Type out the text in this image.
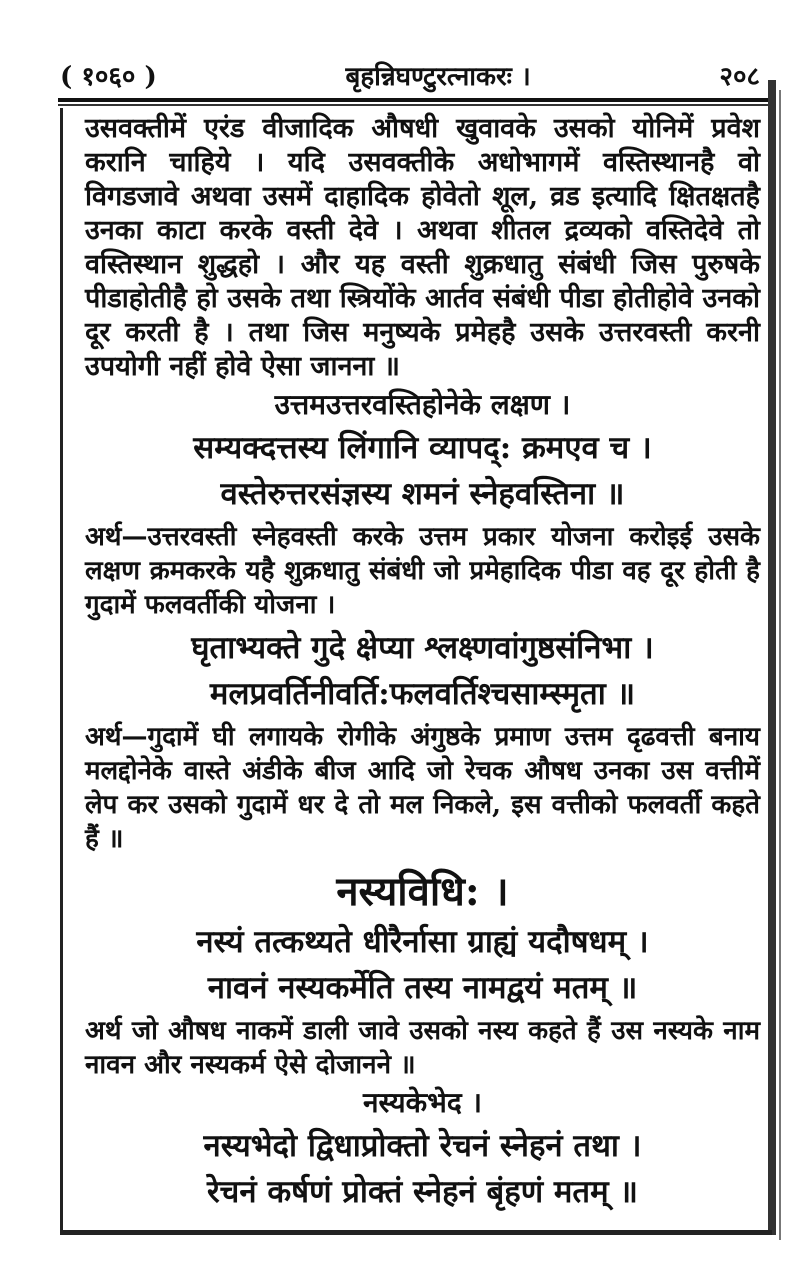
( १०६० )	बृहन्निघण्टुरत्नाकरः ।	२०८

उसवक्तीमें एरंड वीजादिक औषधी खुवावके उसको योनिमें प्रवेश करानि चाहिये । यदि उसवक्तीके अधोभागमें वस्तिस्थानहै वो विगडजावे अथवा उसमें दाहादिक होवेतो शूल, व्रड इत्यादि क्षितक्षतहै उनका काटा करके वस्ती देवे । अथवा शीतल द्रव्यको वस्तिदेवे तो वस्तिस्थान शुद्धहो । और यह वस्ती शुक्रधातु संबंधी जिस पुरुषके पीडाहोतीहै हो उसके तथा स्त्रियोंके आर्तव संबंधी पीडा होतीहोवे उनको दूर करती है । तथा जिस मनुष्यके प्रमेहहै उसके उत्तरवस्ती करनी उपयोगी नहीं होवे ऐसा जानना ॥

उत्तमउत्तरवस्तिहोनेके लक्षण ।

सम्यक्दत्तस्य लिंगानि व्यापद्: क्रमएव च ।

वस्तेरुत्तरसंज्ञस्य शमनं स्नेहवस्तिना ॥

अर्थ—उत्तरवस्ती स्नेहवस्ती करके उत्तम प्रकार योजना करोइई उसके लक्षण क्रमकरके यहै शुक्रधातु संबंधी जो प्रमेहादिक पीडा वह दूर होती है गुदामें फलवर्तीकी योजना ।

घृताभ्यक्ते गुदे क्षेप्या श्लक्ष्णवांगुष्ठसंनिभा ।

मलप्रवर्तिनीवर्ति:फलवर्तिश्चसाम्स्मृता ॥

अर्थ—गुदामें घी लगायके रोगीके अंगुष्ठके प्रमाण उत्तम दृढवत्ती बनाय मलद्दोनेके वास्ते अंडीके बीज आदि जो रेचक औषध उनका उस वत्तीमें लेप कर उसको गुदामें धर दे तो मल निकले, इस वत्तीको फलवर्ती कहते हैं ॥

नस्यविधि: ।

नस्यं तत्कथ्यते धीरैर्नासा ग्राह्यं यदौषधम् ।

नावनं नस्यकर्मेति तस्य नामद्वयं मतम् ॥

अर्थ जो औषध नाकमें डाली जावे उसको नस्य कहते हैं उस नस्यके नाम नावन और नस्यकर्म ऐसे दोजानने ॥

नस्यकेभेद ।

नस्यभेदो द्विधाप्रोक्तो रेचनं स्नेहनं तथा ।

रेचनं कर्षणं प्रोक्तं स्नेहनं बृंहणं मतम् ॥
